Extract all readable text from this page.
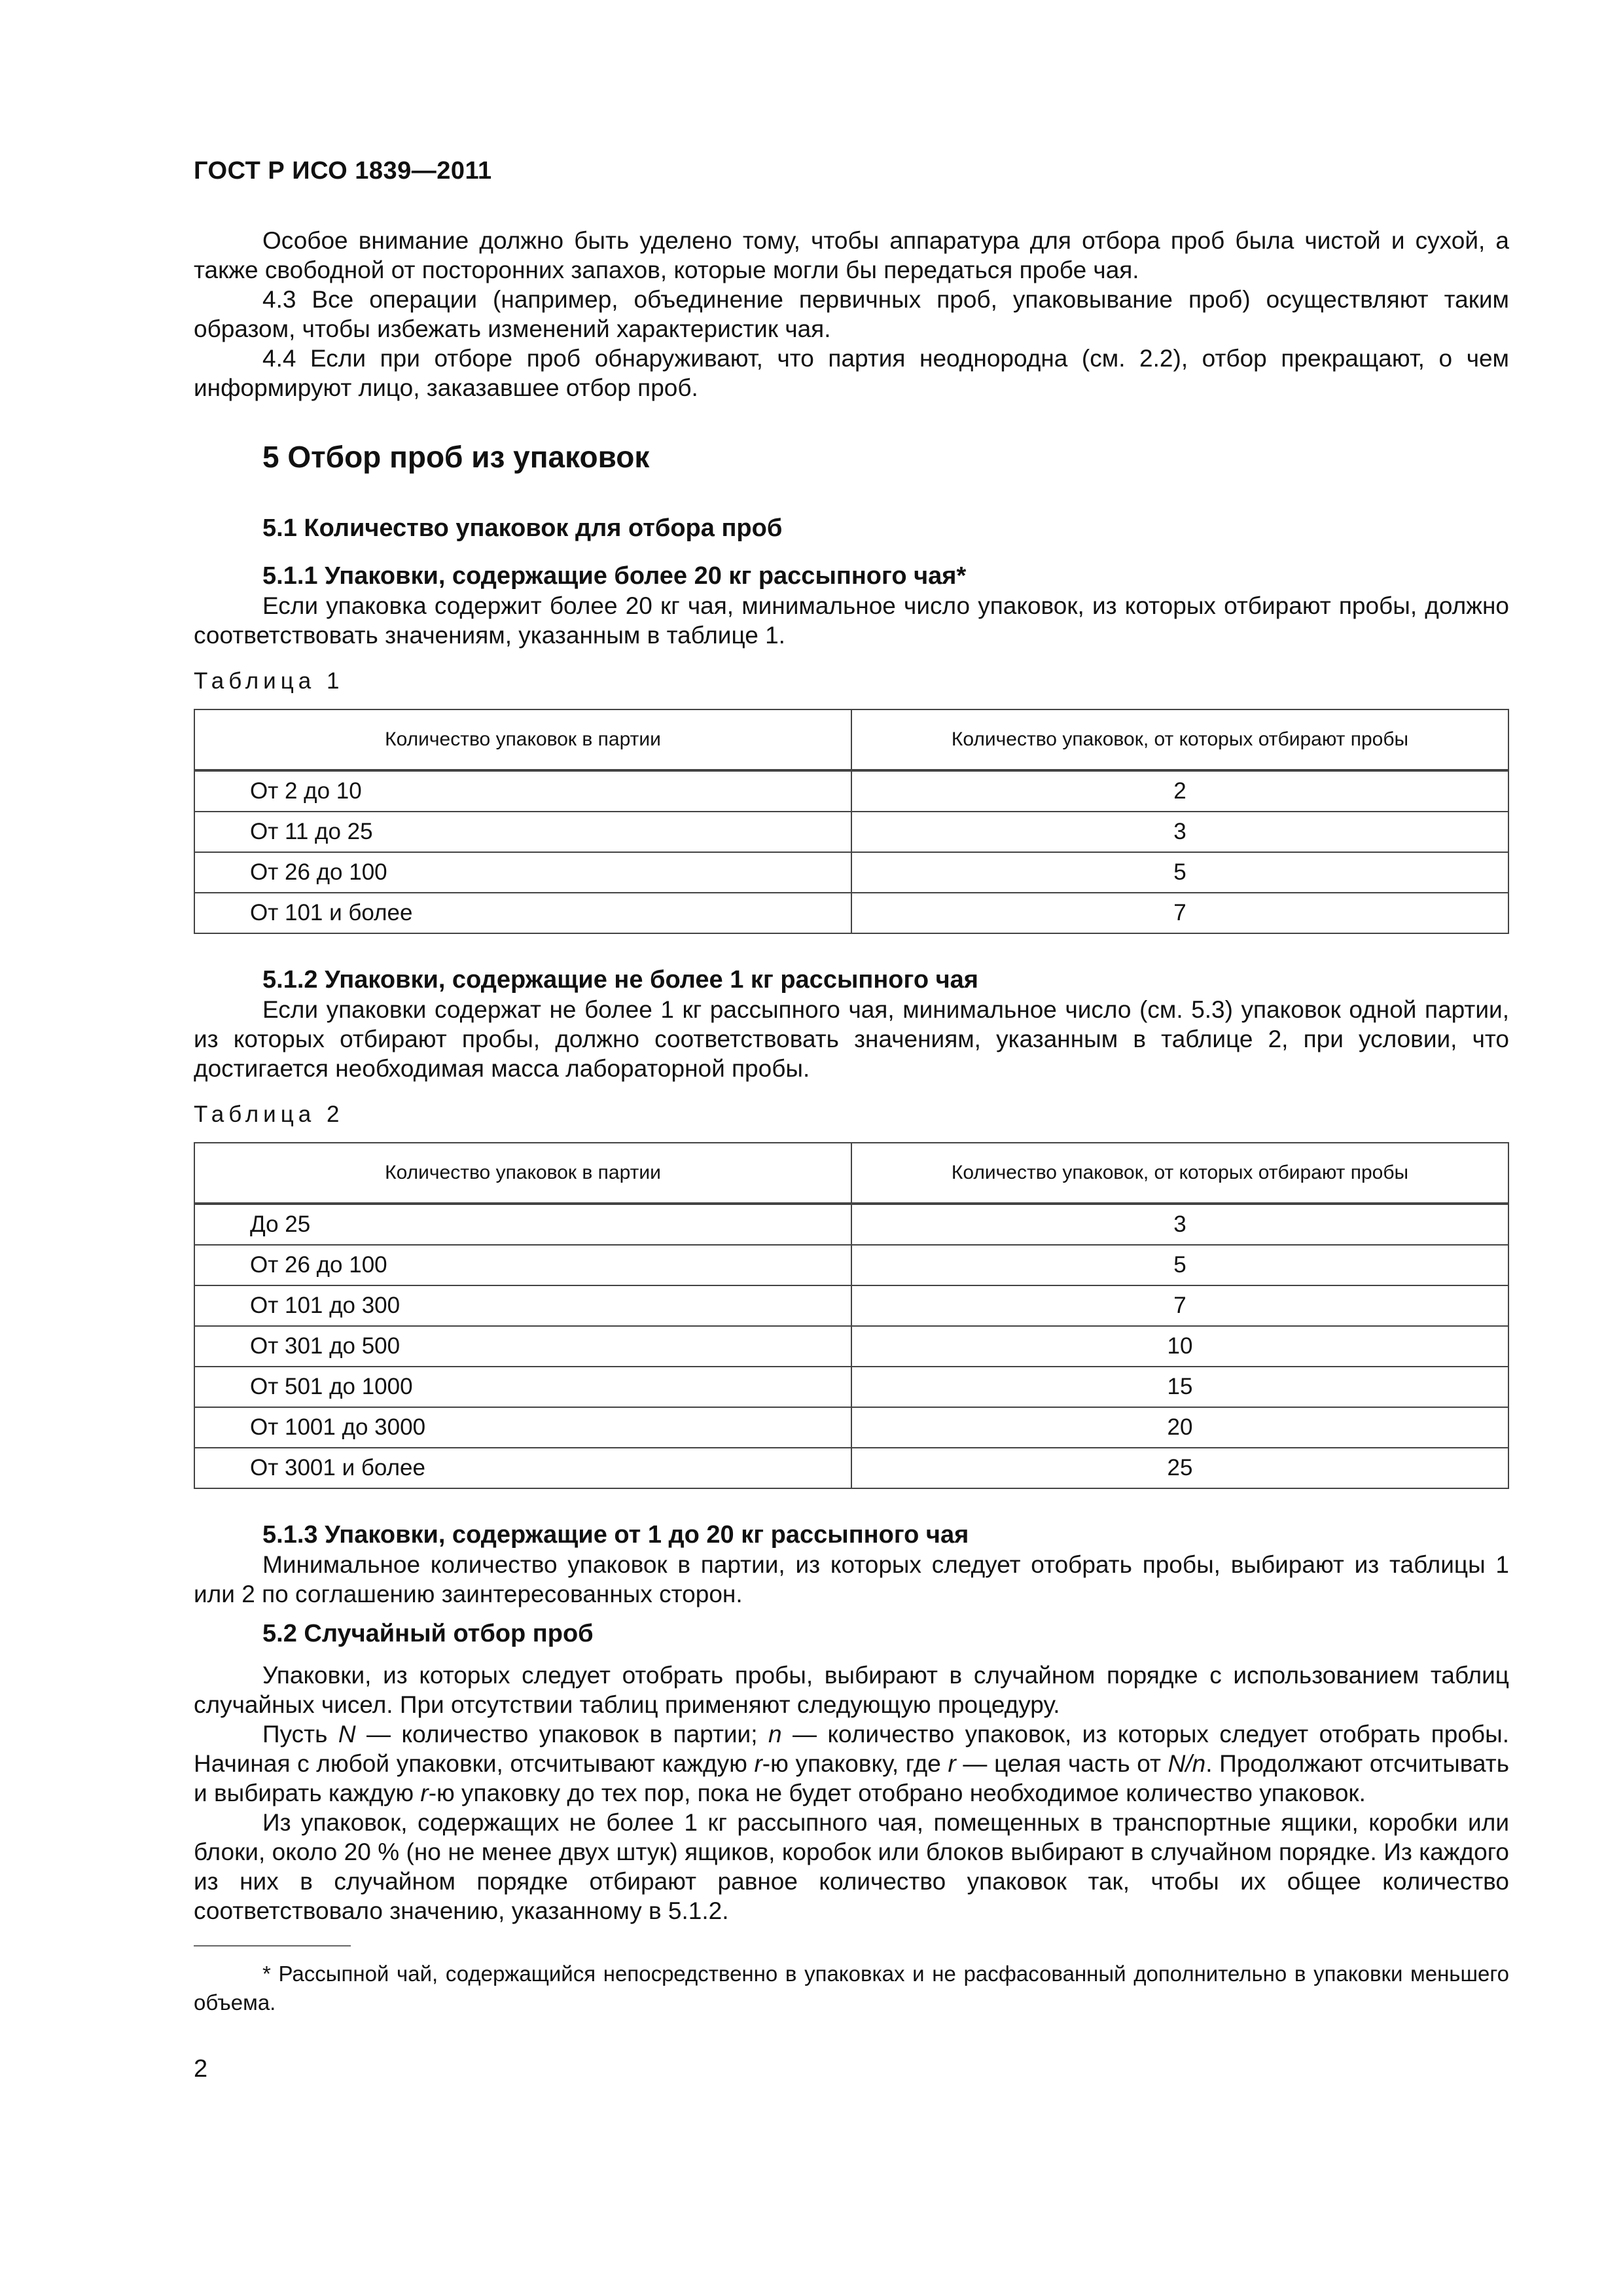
ГОСТ Р ИСО 1839—2011

Особое внимание должно быть уделено тому, чтобы аппаратура для отбора проб была чистой и сухой, а также свободной от посторонних запахов, которые могли бы передаться пробе чая.

4.3 Все операции (например, объединение первичных проб, упаковывание проб) осуществляют таким образом, чтобы избежать изменений характеристик чая.

4.4 Если при отборе проб обнаруживают, что партия неоднородна (см. 2.2), отбор прекращают, о чем информируют лицо, заказавшее отбор проб.

5 Отбор проб из упаковок
5.1 Количество упаковок для отбора проб
5.1.1 Упаковки, содержащие более 20 кг рассыпного чая*

Если упаковка содержит более 20 кг чая, минимальное число упаковок, из которых отбирают пробы, должно соответствовать значениям, указанным в таблице 1.

Таблица 1
Количество упаковок в партии	Количество упаковок, от которых отбирают пробы
От 2 до 10	2
От 11 до 25	3
От 26 до 100	5
От 101 и более	7
5.1.2 Упаковки, содержащие не более 1 кг рассыпного чая

Если упаковки содержат не более 1 кг рассыпного чая, минимальное число (см. 5.3) упаковок одной партии, из которых отбирают пробы, должно соответствовать значениям, указанным в таблице 2, при условии, что достигается необходимая масса лабораторной пробы.

Таблица 2
Количество упаковок в партии	Количество упаковок, от которых отбирают пробы
До 25	3
От 26 до 100	5
От 101 до 300	7
От 301 до 500	10
От 501 до 1000	15
От 1001 до 3000	20
От 3001 и более	25
5.1.3 Упаковки, содержащие от 1 до 20 кг рассыпного чая

Минимальное количество упаковок в партии, из которых следует отобрать пробы, выбирают из таблицы 1 или 2 по соглашению заинтересованных сторон.

5.2 Случайный отбор проб

Упаковки, из которых следует отобрать пробы, выбирают в случайном порядке с использованием таблиц случайных чисел. При отсутствии таблиц применяют следующую процедуру.

Пусть N — количество упаковок в партии; n — количество упаковок, из которых следует отобрать пробы. Начиная с любой упаковки, отсчитывают каждую r-ю упаковку, где r — целая часть от N/n. Продолжают отсчитывать и выбирать каждую r-ю упаковку до тех пор, пока не будет отобрано необходимое количество упаковок.

Из упаковок, содержащих не более 1 кг рассыпного чая, помещенных в транспортные ящики, коробки или блоки, около 20 % (но не менее двух штук) ящиков, коробок или блоков выбирают в случайном порядке. Из каждого из них в случайном порядке отбирают равное количество упаковок так, чтобы их общее количество соответствовало значению, указанному в 5.1.2.

* Рассыпной чай, содержащийся непосредственно в упаковках и не расфасованный дополнительно в упаковки меньшего объема.
2
